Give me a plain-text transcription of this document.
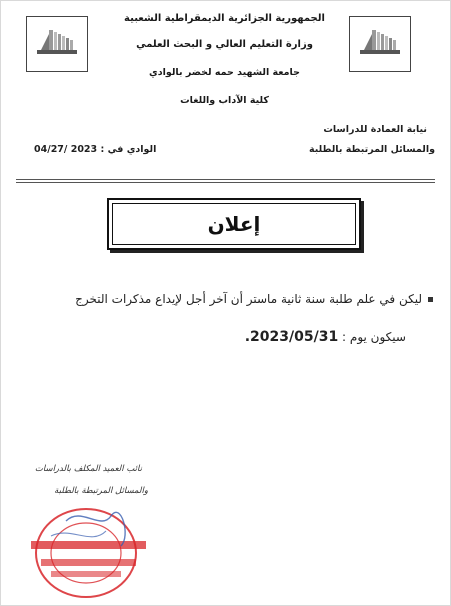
الجمهورية الجزائرية الديمقراطية الشعبية
وزارة التعليم العالي و البحث العلمي
جامعة الشهيد حمه لخضر بالوادي
كلية الآداب واللغات
نيابة العمادة للدراسات
والمسائل المرتبطة بالطلبة
الوادي في : 2023 /04/27
إعلان
ليكن في علم طلبة سنة ثانية ماستر أن آخر أجل لإيداع مذكرات التخرج
سيكون يوم : 2023/05/31.
نائب العميد المكلف بالدراسات
والمسائل المرتبطة بالطلبة
